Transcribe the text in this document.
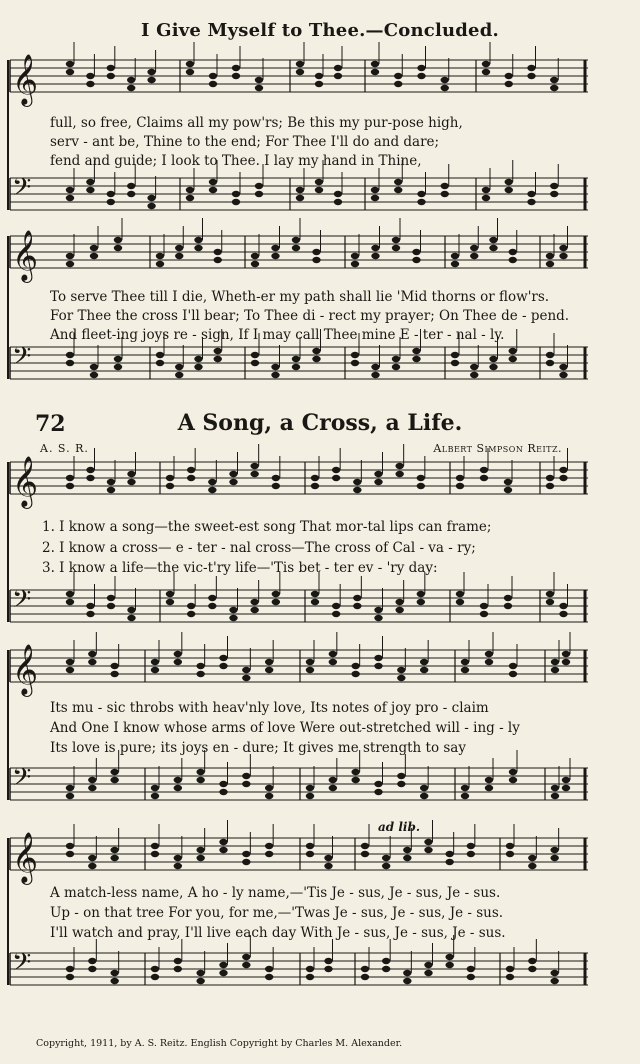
I Give Myself to Thee.—Concluded.
𝄞
𝄢
𝄞
𝄢
𝄞
𝄢
𝄞
𝄢
𝄞
𝄢
72	A Song, a Cross, a Life.
A. S. R.	Albert Simpson Reitz.
ad lib.
full, so free, Claims all my pow'rs; Be this my pur-pose high,
serv - ant be, Thine to the end; For Thee I'll do and dare;
fend and guide; I look to Thee. I lay my hand in Thine,
To serve Thee till I die, Wheth-er my path shall lie 'Mid thorns or flow'rs.
For Thee the cross I'll bear; To Thee di - rect my prayer; On Thee de - pend.
And fleet-ing joys re - sign, If I may call Thee mine E - ter - nal - ly.
1. I know a song—the sweet-est song That mor-tal lips can frame;
2. I know a cross— e - ter - nal cross—The cross of Cal - va - ry;
3. I know a life—the vic-t'ry life—'Tis bet - ter ev - 'ry day:
Its mu - sic throbs with heav'nly love, Its notes of joy pro - claim
And One I know whose arms of love Were out-stretched will - ing - ly
Its love is pure; its joys en - dure; It gives me strength to say
A match-less name, A ho - ly name,—'Tis Je - sus, Je - sus, Je - sus.
Up - on that tree For you, for me,—'Twas Je - sus, Je - sus, Je - sus.
I'll watch and pray, I'll live each day With Je - sus, Je - sus, Je - sus.
Copyright, 1911, by A. S. Reitz. English Copyright by Charles M. Alexander.
